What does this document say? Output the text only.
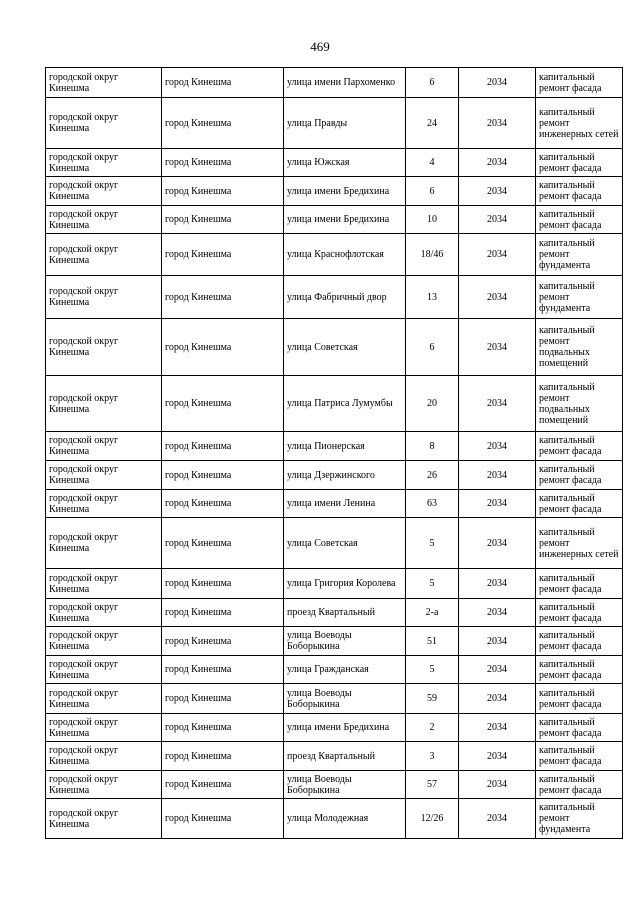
469
городской округ Кинешма	город Кинешма	улица имени Пархоменко	6	2034	капитальный ремонт фасада
городской округ Кинешма	город Кинешма	улица Правды	24	2034	капитальный ремонт инженерных сетей
городской округ Кинешма	город Кинешма	улица Южская	4	2034	капитальный ремонт фасада
городской округ Кинешма	город Кинешма	улица имени Бредихина	6	2034	капитальный ремонт фасада
городской округ Кинешма	город Кинешма	улица имени Бредихина	10	2034	капитальный ремонт фасада
городской округ Кинешма	город Кинешма	улица Краснофлотская	18/46	2034	капитальный ремонт фундамента
городской округ Кинешма	город Кинешма	улица Фабричный двор	13	2034	капитальный ремонт фундамента
городской округ Кинешма	город Кинешма	улица Советская	6	2034	капитальный ремонт подвальных помещений
городской округ Кинешма	город Кинешма	улица Патриса Лумумбы	20	2034	капитальный ремонт подвальных помещений
городской округ Кинешма	город Кинешма	улица Пионерская	8	2034	капитальный ремонт фасада
городской округ Кинешма	город Кинешма	улица Дзержинского	26	2034	капитальный ремонт фасада
городской округ Кинешма	город Кинешма	улица имени Ленина	63	2034	капитальный ремонт фасада
городской округ Кинешма	город Кинешма	улица Советская	5	2034	капитальный ремонт инженерных сетей
городской округ Кинешма	город Кинешма	улица Григория Королева	5	2034	капитальный ремонт фасада
городской округ Кинешма	город Кинешма	проезд Квартальный	2-а	2034	капитальный ремонт фасада
городской округ Кинешма	город Кинешма	улица Воеводы Боборыкина	51	2034	капитальный ремонт фасада
городской округ Кинешма	город Кинешма	улица Гражданская	5	2034	капитальный ремонт фасада
городской округ Кинешма	город Кинешма	улица Воеводы Боборыкина	59	2034	капитальный ремонт фасада
городской округ Кинешма	город Кинешма	улица имени Бредихина	2	2034	капитальный ремонт фасада
городской округ Кинешма	город Кинешма	проезд Квартальный	3	2034	капитальный ремонт фасада
городской округ Кинешма	город Кинешма	улица Воеводы Боборыкина	57	2034	капитальный ремонт фасада
городской округ Кинешма	город Кинешма	улица Молодежная	12/26	2034	капитальный ремонт фундамента
